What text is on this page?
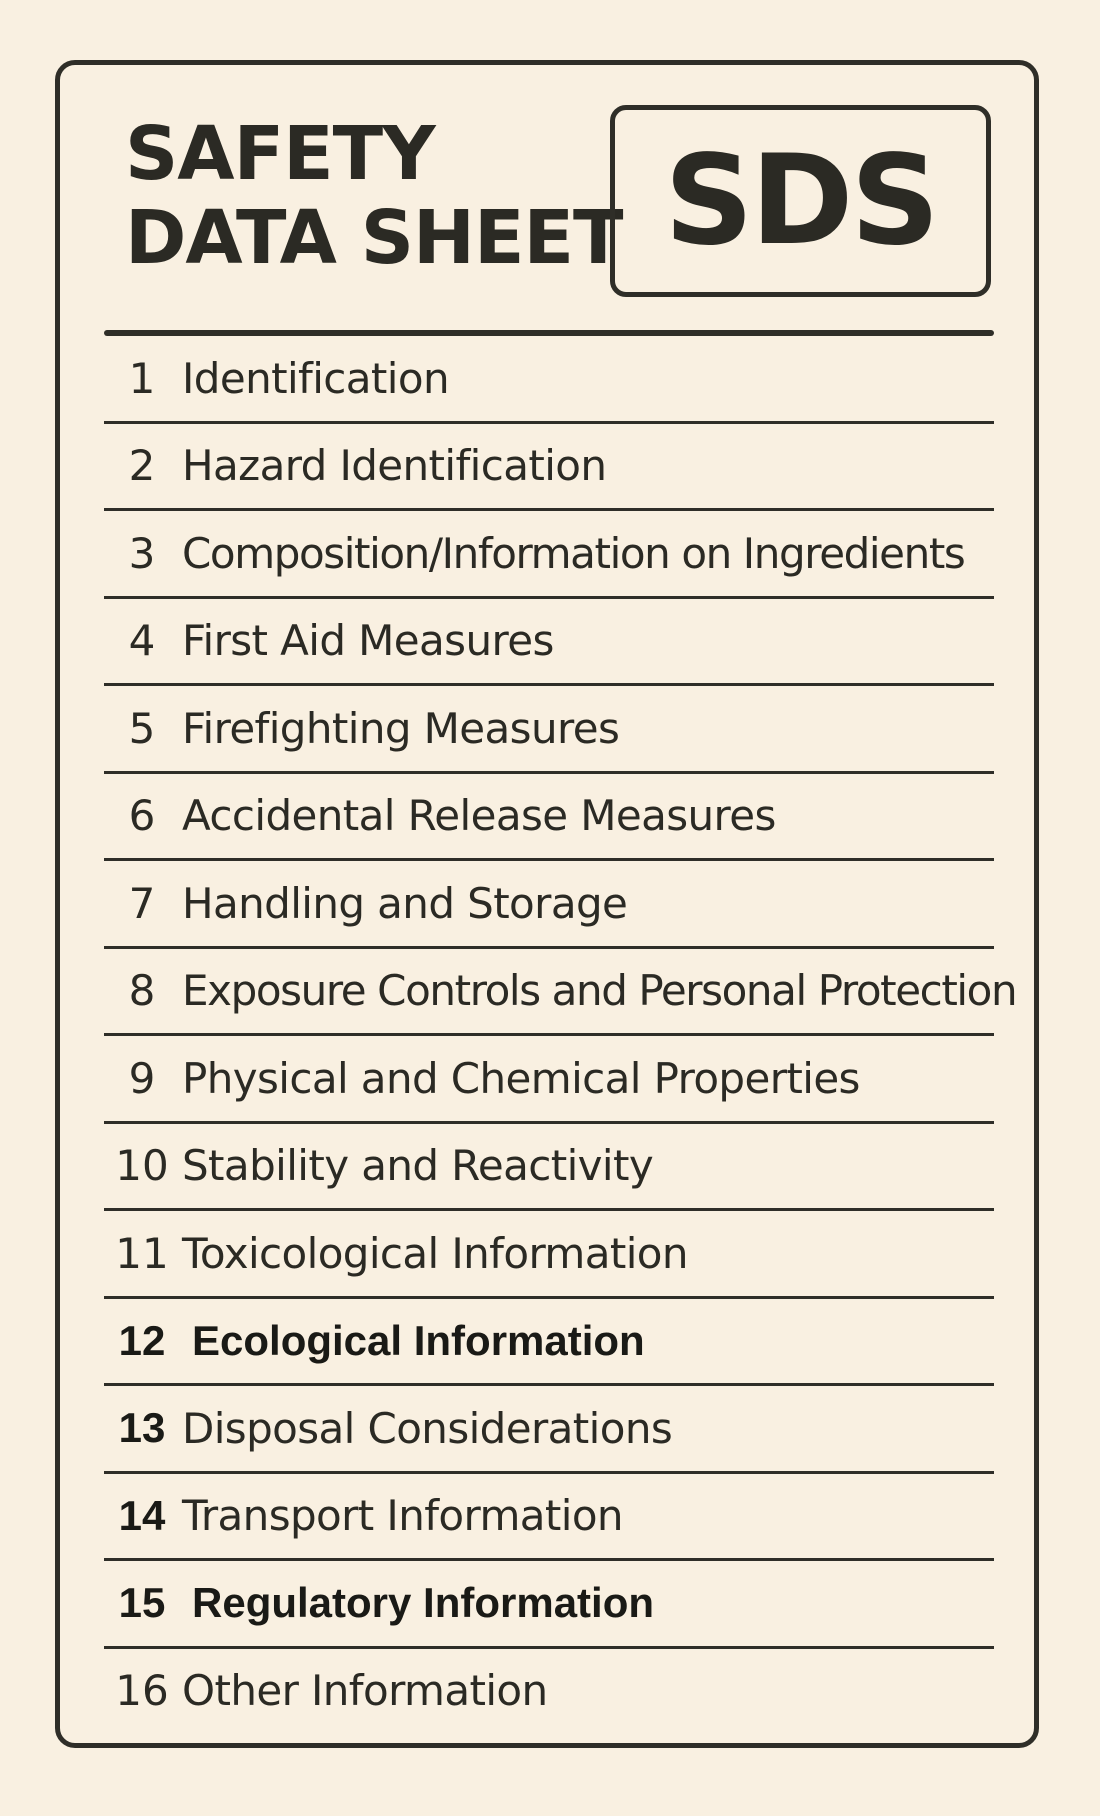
SAFETY
DATA SHEET SDS
1 Identification
2 Hazard Identification
3 Composition/Information on Ingredients
4 First Aid Measures
5 Firefighting Measures
6 Accidental Release Measures
7 Handling and Storage
8 Exposure Controls and Personal Protection
9 Physical and Chemical Properties
10 Stability and Reactivity
11 Toxicological Information
12 Ecological Information
13 Disposal Considerations
14 Transport Information
15 Regulatory Information
16 Other Information
